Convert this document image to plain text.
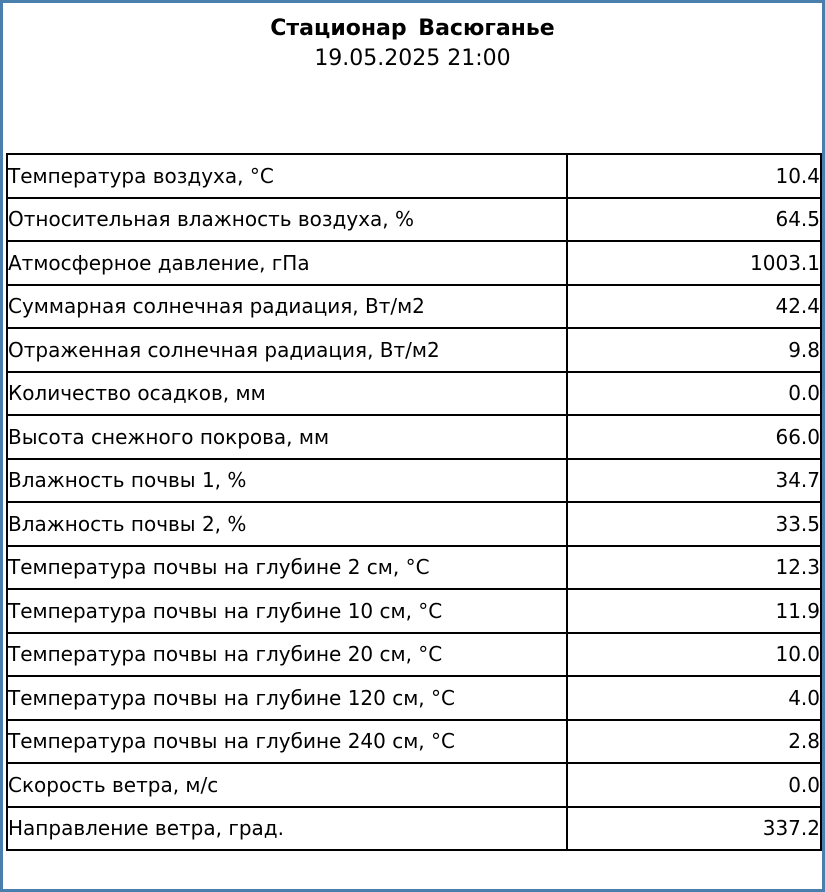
Стационар Васюганье
19.05.2025 21:00
Температура воздуха, °С	10.4
Относительная влажность воздуха, %	64.5
Атмосферное давление, гПа	1003.1
Суммарная солнечная радиация, Вт/м2	42.4
Отраженная солнечная радиация, Вт/м2	9.8
Количество осадков, мм	0.0
Высота снежного покрова, мм	66.0
Влажность почвы 1, %	34.7
Влажность почвы 2, %	33.5
Температура почвы на глубине 2 см, °С	12.3
Температура почвы на глубине 10 см, °С	11.9
Температура почвы на глубине 20 см, °С	10.0
Температура почвы на глубине 120 см, °С	4.0
Температура почвы на глубине 240 см, °С	2.8
Скорость ветра, м/с	0.0
Направление ветра, град.	337.2
